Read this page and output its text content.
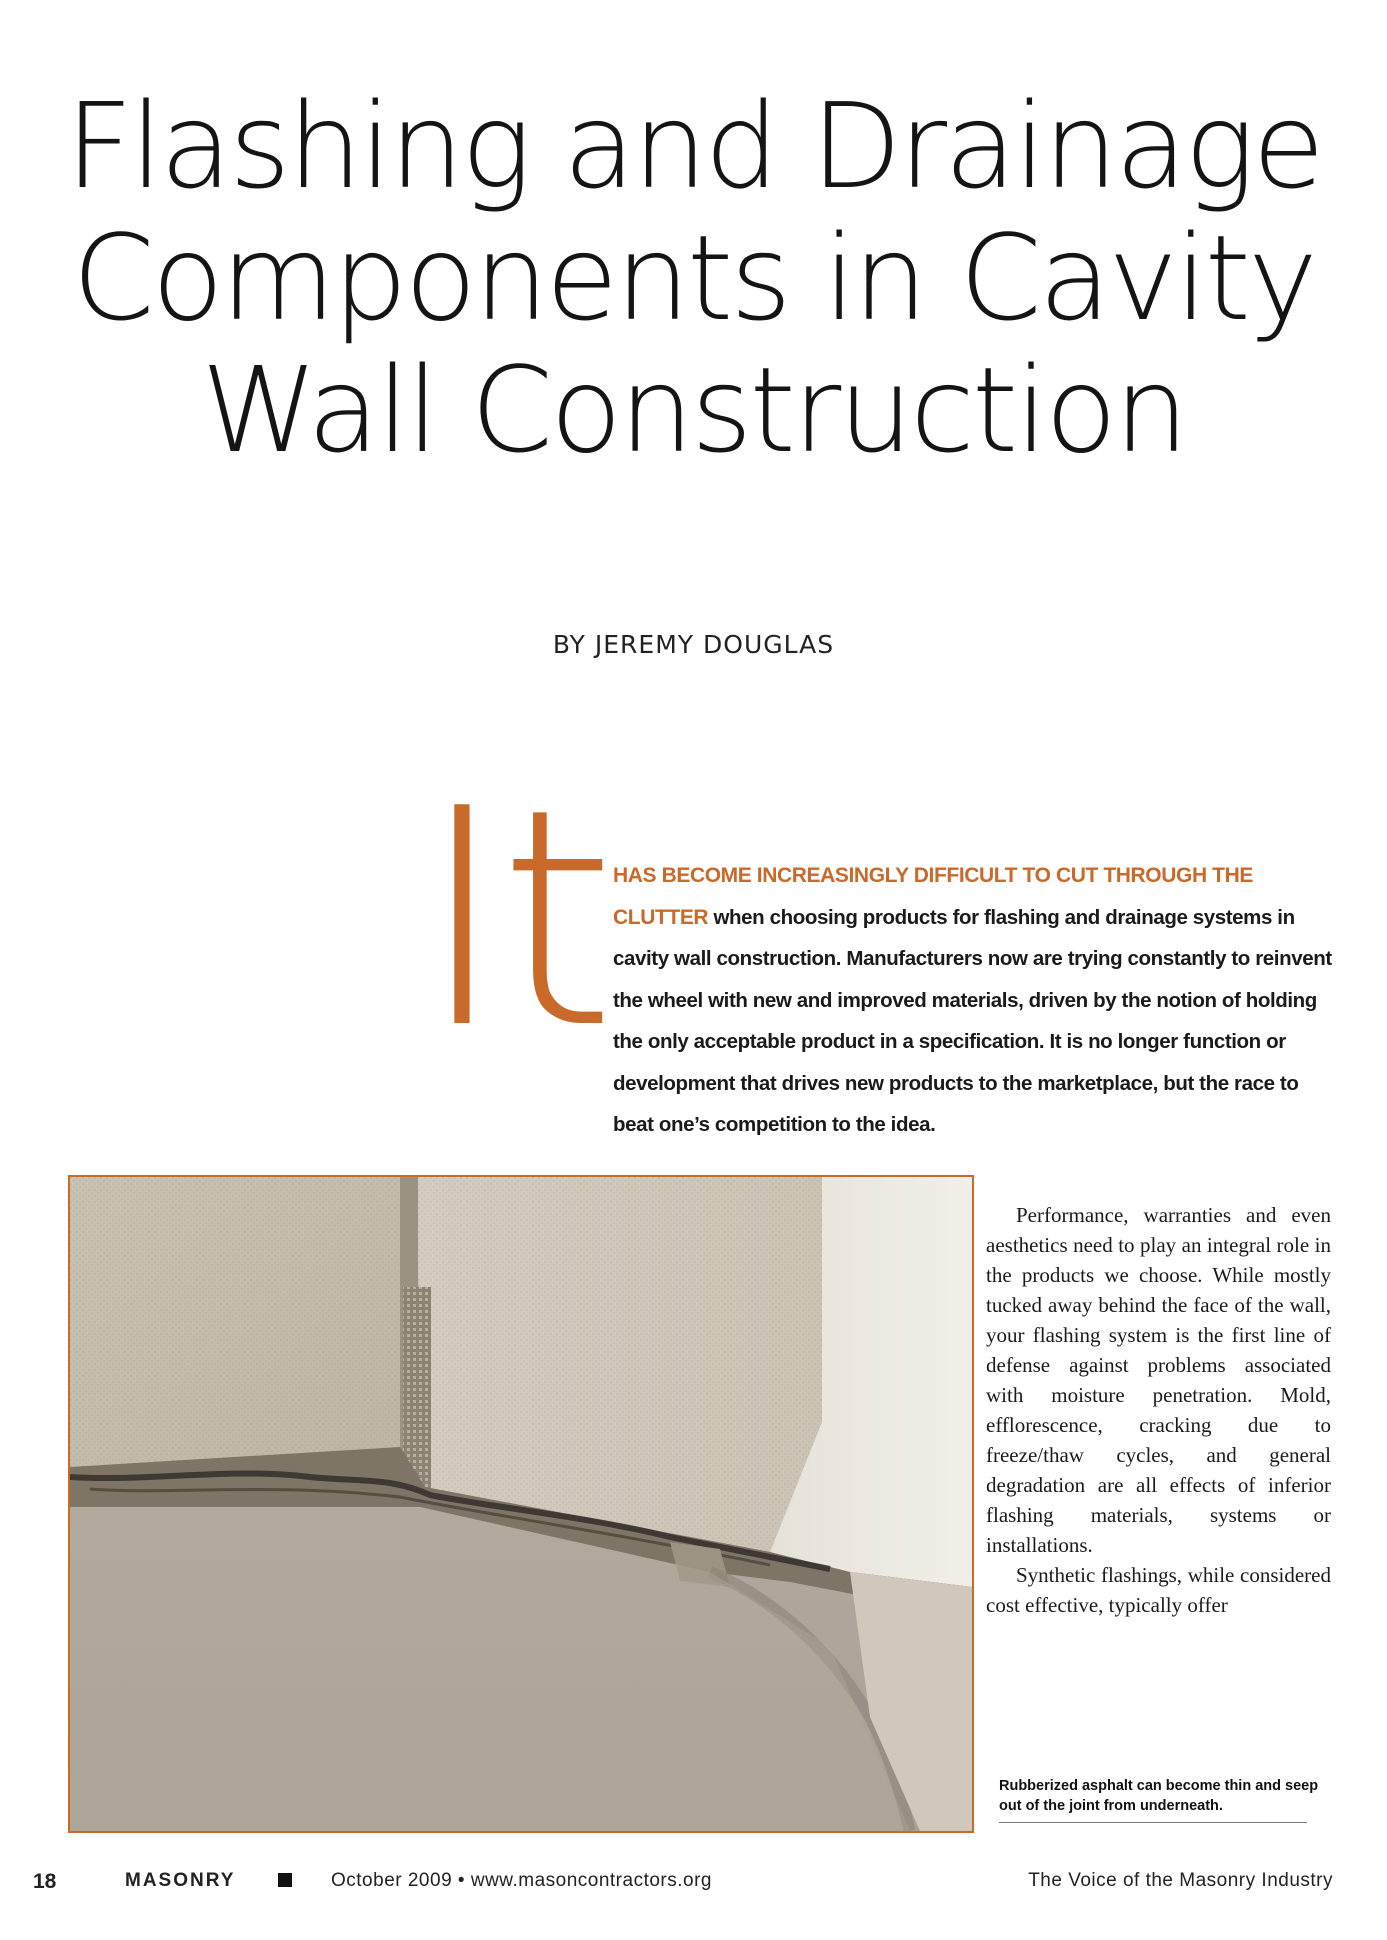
Flashing and Drainage
Components in Cavity
Wall Construction
BY JEREMY DOUGLAS
It HAS BECOME INCREASINGLY DIFFICULT TO CUT THROUGH THE CLUTTER when choosing products for flashing and drainage systems in cavity wall construction. Manufacturers now are trying constantly to reinvent the wheel with new and improved materials, driven by the notion of holding the only acceptable product in a specification. It is no longer function or development that drives new products to the marketplace, but the race to beat one’s competition to the idea.

Performance, warranties and even aesthetics need to play an integral role in the products we choose. While mostly tucked away behind the face of the wall, your flashing system is the first line of defense against problems associated with moisture penetration. Mold, efflorescence, cracking due to freeze/thaw cycles, and general degradation are all effects of inferior flashing materials, systems or installations.

Synthetic flashings, while considered cost effective, typically offer

Rubberized asphalt can become thin and seep out of the joint from underneath.

18	MASONRY	October 2009 • www.masoncontractors.org	The Voice of the Masonry Industry
